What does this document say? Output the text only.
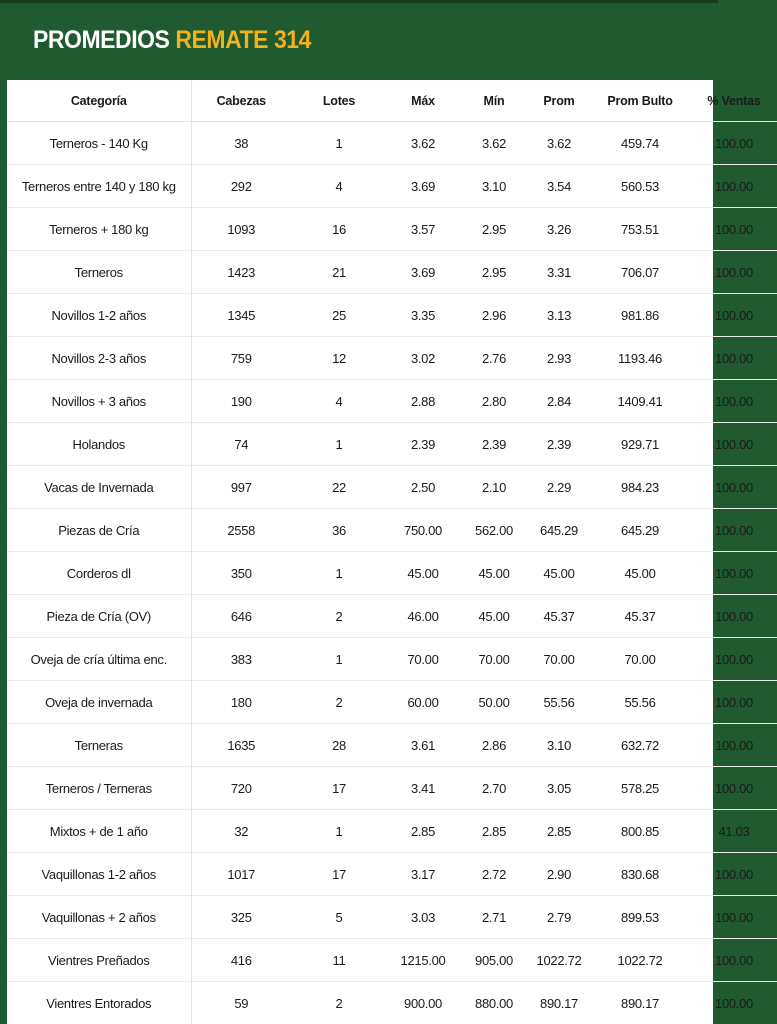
PROMEDIOS REMATE 314
Categoría	Cabezas	Lotes	Máx	Mín	Prom	Prom Bulto	% Ventas
Terneros - 140 Kg	38	1	3.62	3.62	3.62	459.74	100.00
Terneros entre 140 y 180 kg	292	4	3.69	3.10	3.54	560.53	100.00
Terneros + 180 kg	1093	16	3.57	2.95	3.26	753.51	100.00
Terneros	1423	21	3.69	2.95	3.31	706.07	100.00
Novillos 1-2 años	1345	25	3.35	2.96	3.13	981.86	100.00
Novillos 2-3 años	759	12	3.02	2.76	2.93	1193.46	100.00
Novillos + 3 años	190	4	2.88	2.80	2.84	1409.41	100.00
Holandos	74	1	2.39	2.39	2.39	929.71	100.00
Vacas de Invernada	997	22	2.50	2.10	2.29	984.23	100.00
Piezas de Cría	2558	36	750.00	562.00	645.29	645.29	100.00
Corderos dl	350	1	45.00	45.00	45.00	45.00	100.00
Pieza de Cría (OV)	646	2	46.00	45.00	45.37	45.37	100.00
Oveja de cría última enc.	383	1	70.00	70.00	70.00	70.00	100.00
Oveja de invernada	180	2	60.00	50.00	55.56	55.56	100.00
Terneras	1635	28	3.61	2.86	3.10	632.72	100.00
Terneros / Terneras	720	17	3.41	2.70	3.05	578.25	100.00
Mixtos + de 1 año	32	1	2.85	2.85	2.85	800.85	41.03
Vaquillonas 1-2 años	1017	17	3.17	2.72	2.90	830.68	100.00
Vaquillonas + 2 años	325	5	3.03	2.71	2.79	899.53	100.00
Vientres Preñados	416	11	1215.00	905.00	1022.72	1022.72	100.00
Vientres Entorados	59	2	900.00	880.00	890.17	890.17	100.00
